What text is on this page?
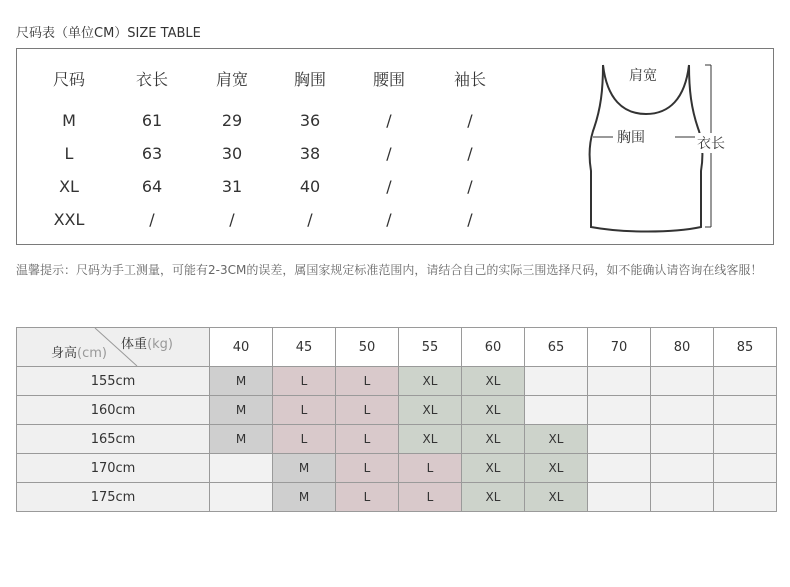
尺码表（单位CM）SIZE TABLE
尺码	衣长	肩宽	胸围	腰围	袖长
M	61	29	36	/	/
L	63	30	38	/	/
XL	64	31	40	/	/
XXL	/	/	/	/	/
肩宽
胸围	衣长
温馨提示：尺码为手工测量，可能有2-3CM的误差，属国家规定标准范围内，请结合自己的实际三围选择尺码，如不能确认请咨询在线客服！
体重(kg)
身高(cm)	40	45	50	55	60	65	70	80	85
155cm	M	L	L	XL	XL				
160cm	M	L	L	XL	XL				
165cm	M	L	L	XL	XL	XL			
170cm		M	L	L	XL	XL			
175cm		M	L	L	XL	XL			
